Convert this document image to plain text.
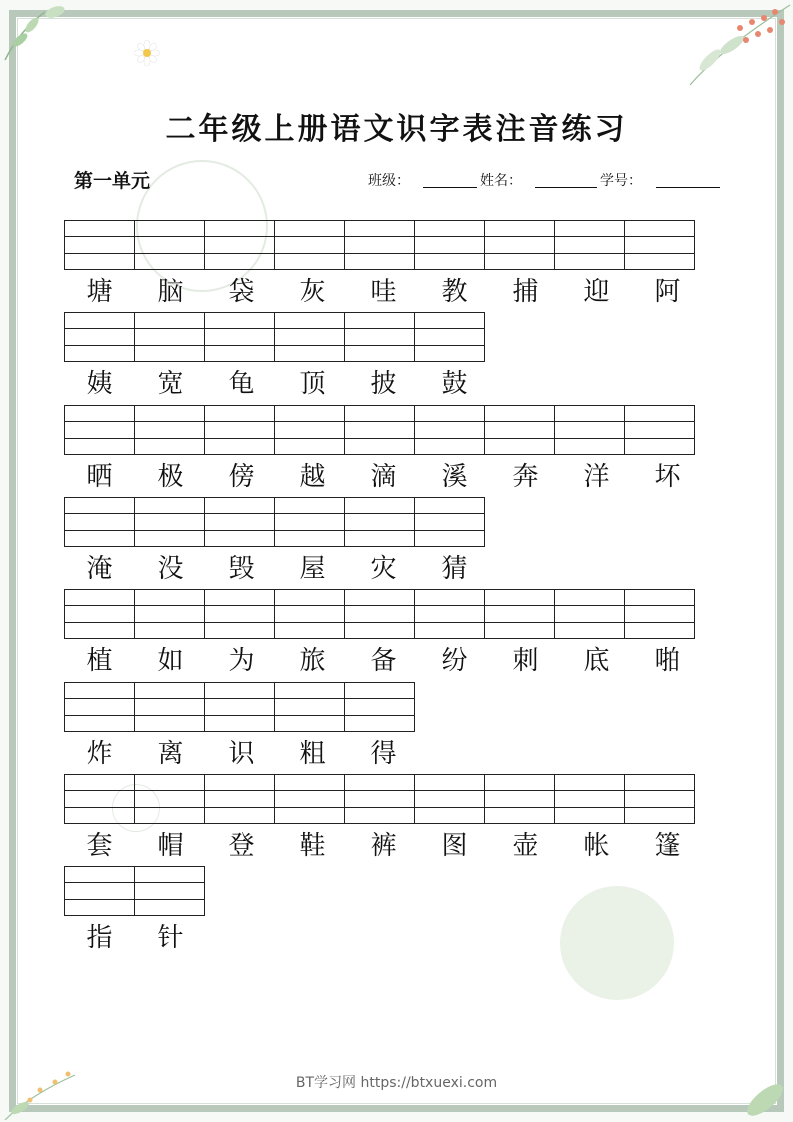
二年级上册语文识字表注音练习
第一单元	班级：	姓名：	学号：

塘	脑	袋	灰	哇	教	捕	迎	阿

姨	宽	龟	顶	披	鼓

晒	极	傍	越	滴	溪	奔	洋	坏

淹	没	毁	屋	灾	猜

植	如	为	旅	备	纷	刺	底	啪

炸	离	识	粗	得

套	帽	登	鞋	裤	图	壶	帐	篷

指	针
BT学习网 https://btxuexi.com
